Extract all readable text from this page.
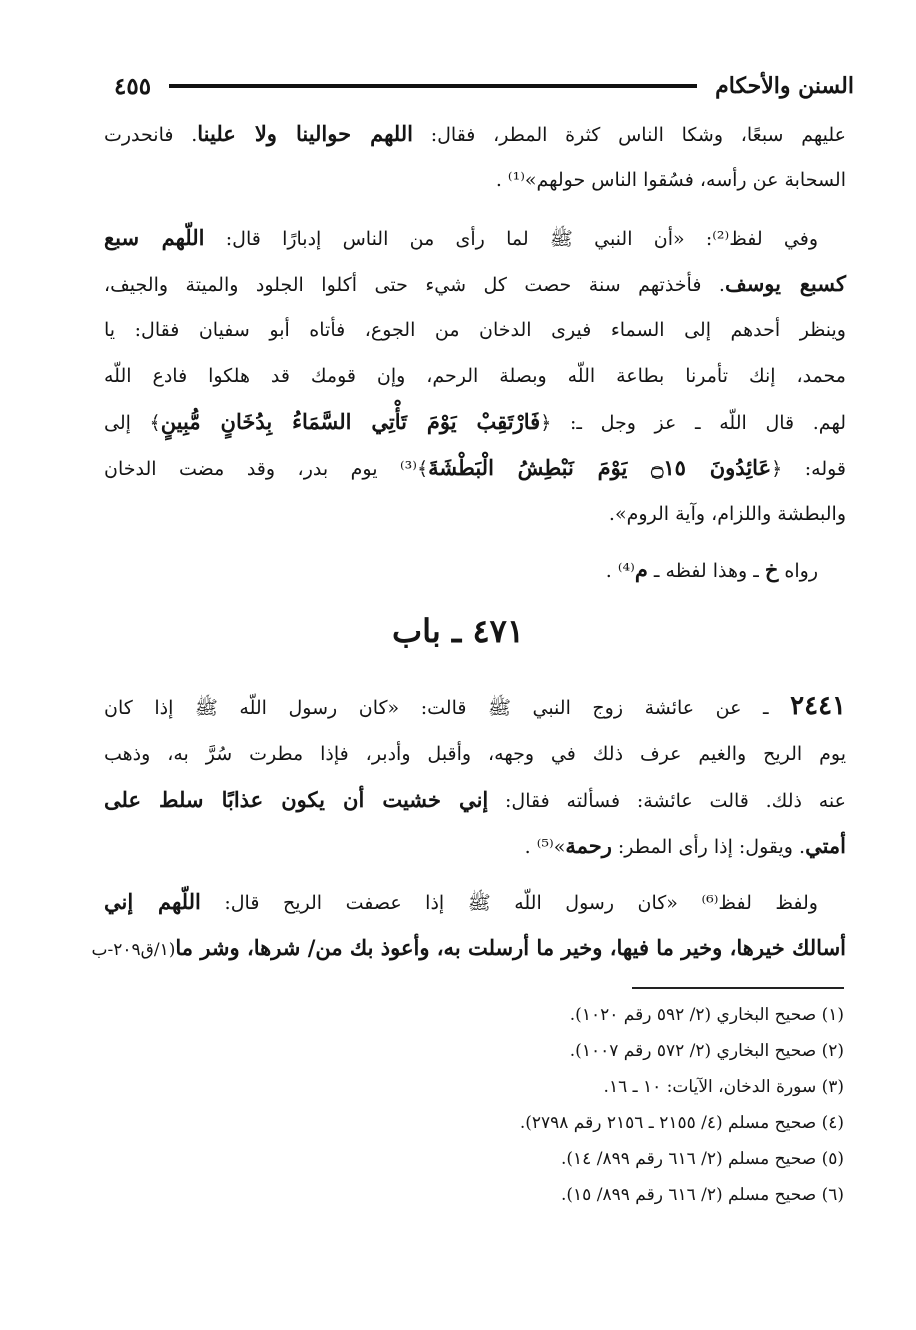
السنن والأحكام
٤٥٥
عليهم سبعًا، وشكا الناس كثرة المطر، فقال: اللهم حوالينا ولا علينا. فانحدرت
السحابة عن رأسه، فسُقوا الناس حولهم»⁽¹⁾ .
وفي لفظ⁽²⁾: «أن النبي ﷺ لما رأى من الناس إدبارًا قال: اللّهم سبع
كسبع يوسف. فأخذتهم سنة حصت كل شيء حتى أكلوا الجلود والميتة والجيف،
وينظر أحدهم إلى السماء فيرى الدخان من الجوع، فأتاه أبو سفيان فقال: يا
محمد، إنك تأمرنا بطاعة اللّه وبصلة الرحم، وإن قومك قد هلكوا فادع اللّه
لهم. قال اللّه ـ عز وجل ـ: ﴿فَارْتَقِبْ يَوْمَ تَأْتِي السَّمَاءُ بِدُخَانٍ مُّبِينٍ﴾ إلى
قوله: ﴿عَائِدُونَ ۝١٥ يَوْمَ نَبْطِشُ الْبَطْشَةَ﴾⁽³⁾ يوم بدر، وقد مضت الدخان
والبطشة واللزام، وآية الروم».
رواه خ ـ وهذا لفظه ـ م⁽⁴⁾ .
٤٧١ ـ باب
٢٤٤١ ـ عن عائشة زوج النبي ﷺ قالت: «كان رسول اللّه ﷺ إذا كان
يوم الريح والغيم عرف ذلك في وجهه، وأقبل وأدبر، فإذا مطرت سُرَّ به، وذهب
عنه ذلك. قالت عائشة: فسألته فقال: إني خشيت أن يكون عذابًا سلط على
أمتي. ويقول: إذا رأى المطر: رحمة»⁽⁵⁾ .
ولفظ لفظ⁽⁶⁾ «كان رسول اللّه ﷺ إذا عصفت الريح قال: اللّهم إني
أسالك خيرها، وخير ما فيها، وخير ما أرسلت به، وأعوذ بك من/ شرها، وشر ما(١/ق٢٠٩-ب
(١) صحيح البخاري (٢/ ٥٩٢ رقم ١٠٢٠).
(٢) صحيح البخاري (٢/ ٥٧٢ رقم ١٠٠٧).
(٣) سورة الدخان، الآيات: ١٠ ـ ١٦.
(٤) صحيح مسلم (٤/ ٢١٥٥ ـ ٢١٥٦ رقم ٢٧٩٨).
(٥) صحيح مسلم (٢/ ٦١٦ رقم ٨٩٩/ ١٤).
(٦) صحيح مسلم (٢/ ٦١٦ رقم ٨٩٩/ ١٥).
